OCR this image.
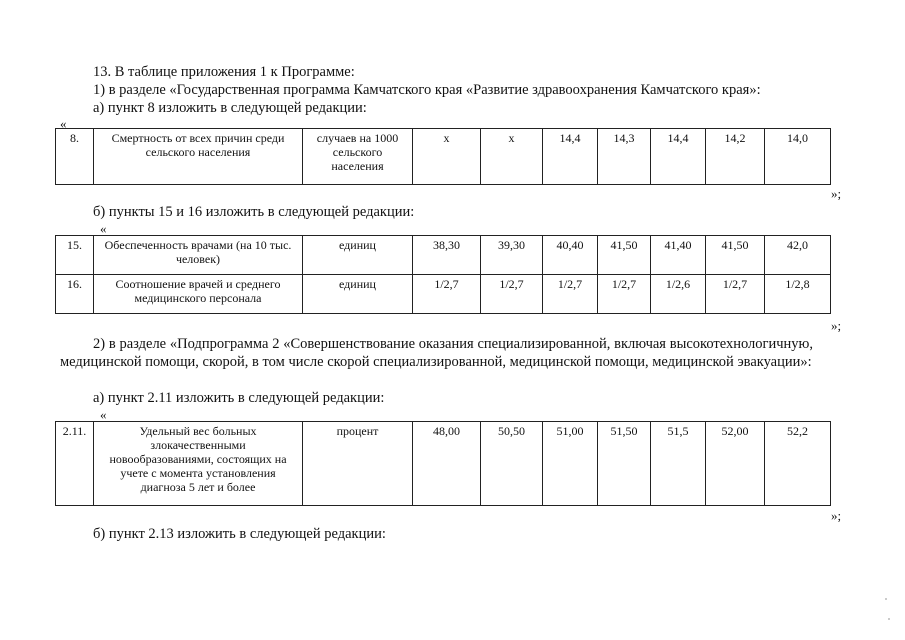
13. В таблице приложения 1 к Программе:
1) в разделе «Государственная программа Камчатского края «Развитие здравоохранения Камчатского края»:
а) пункт 8 изложить в следующей редакции:
«
8.	Смертность от всех причин среди сельского населения	случаев на 1000 сельского населения	х	х	14,4	14,3	14,4	14,2	14,0
»;
б) пункты 15 и 16 изложить в следующей редакции:
«
15.	Обеспеченность врачами (на 10 тыс. человек)	единиц	38,30	39,30	40,40	41,50	41,40	41,50	42,0
16.	Соотношение врачей и среднего медицинского персонала	единиц	1/2,7	1/2,7	1/2,7	1/2,7	1/2,6	1/2,7	1/2,8
»;
2) в разделе «Подпрограмма 2 «Совершенствование оказания специализированной, включая высокотехнологичную, медицинской помощи, скорой, в том числе скорой специализированной, медицинской помощи, медицинской эвакуации»:
а) пункт 2.11 изложить в следующей редакции:
«
2.11.	Удельный вес больных злокачественными новообразованиями, состоящих на учете с момента установления диагноза 5 лет и более	процент	48,00	50,50	51,00	51,50	51,5	52,00	52,2
»;
б) пункт 2.13 изложить в следующей редакции:
